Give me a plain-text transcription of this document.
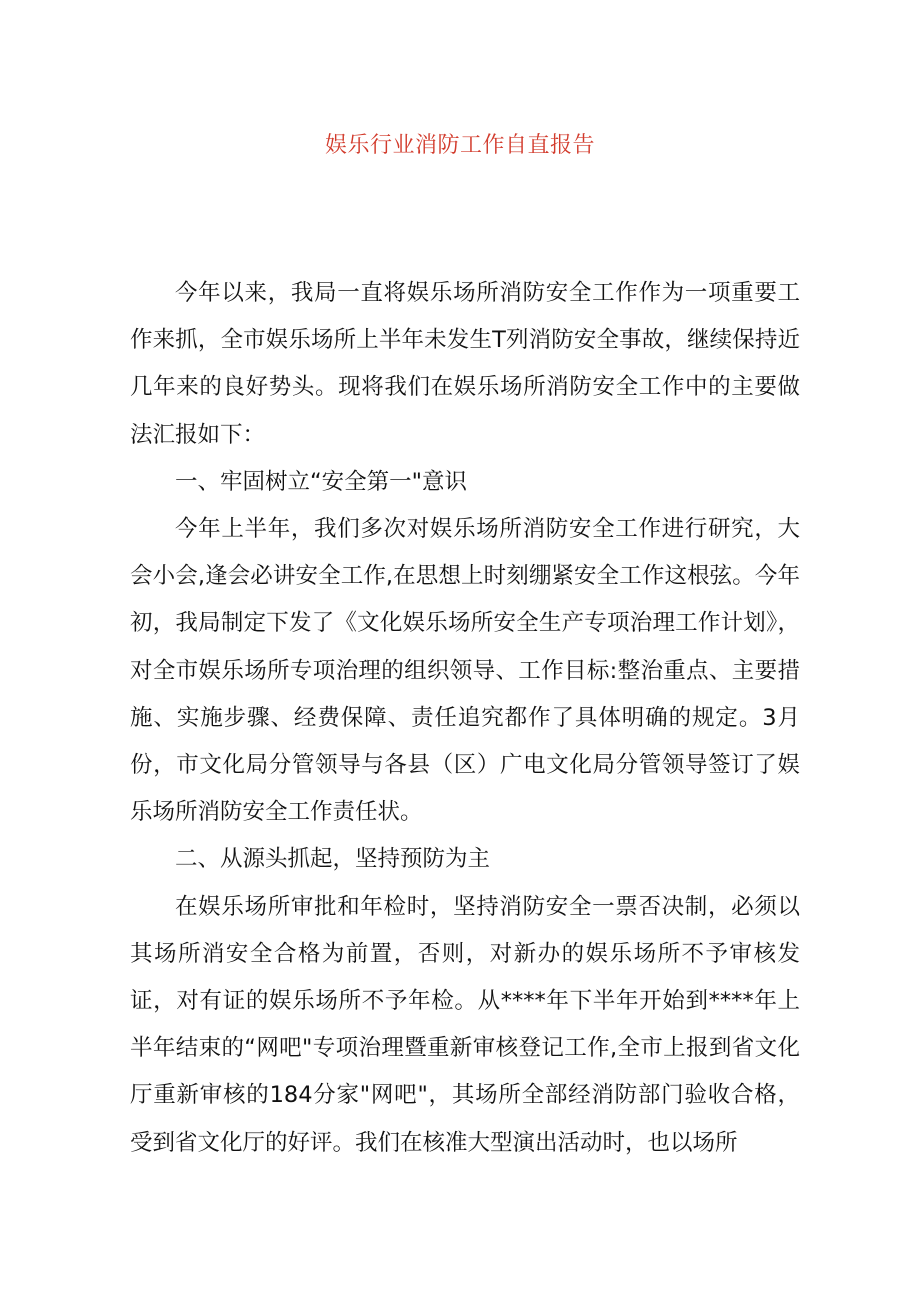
娱乐行业消防工作自直报告

今年以来，我局一直将娱乐场所消防安全工作作为一项重要工作来抓，全市娱乐场所上半年未发生T列消防安全事故，继续保持近几年来的良好势头。现将我们在娱乐场所消防安全工作中的主要做法汇报如下：

一、牢固树立“安全第一"意识

今年上半年，我们多次对娱乐场所消防安全工作进行研究，大会小会,逢会必讲安全工作,在思想上时刻绷紧安全工作这根弦。今年初，我局制定下发了《文化娱乐场所安全生产专项治理工作计划》，对全市娱乐场所专项治理的组织领导、工作目标:整治重点、主要措施、实施步骤、经费保障、责任追究都作了具体明确的规定。3月份，市文化局分管领导与各县（区）广电文化局分管领导签订了娱乐场所消防安全工作责任状。

二、从源头抓起，坚持预防为主

在娱乐场所审批和年检时，坚持消防安全一票否决制，必须以其场所消安全合格为前置，否则，对新办的娱乐场所不予审核发证，对有证的娱乐场所不予年检。从****年下半年开始到****年上半年结束的“网吧"专项治理暨重新审核登记工作,全市上报到省文化厅重新审核的184分家"网吧"，其场所全部经消防部门验收合格，受到省文化厅的好评。我们在核准大型演出活动时，也以场所
